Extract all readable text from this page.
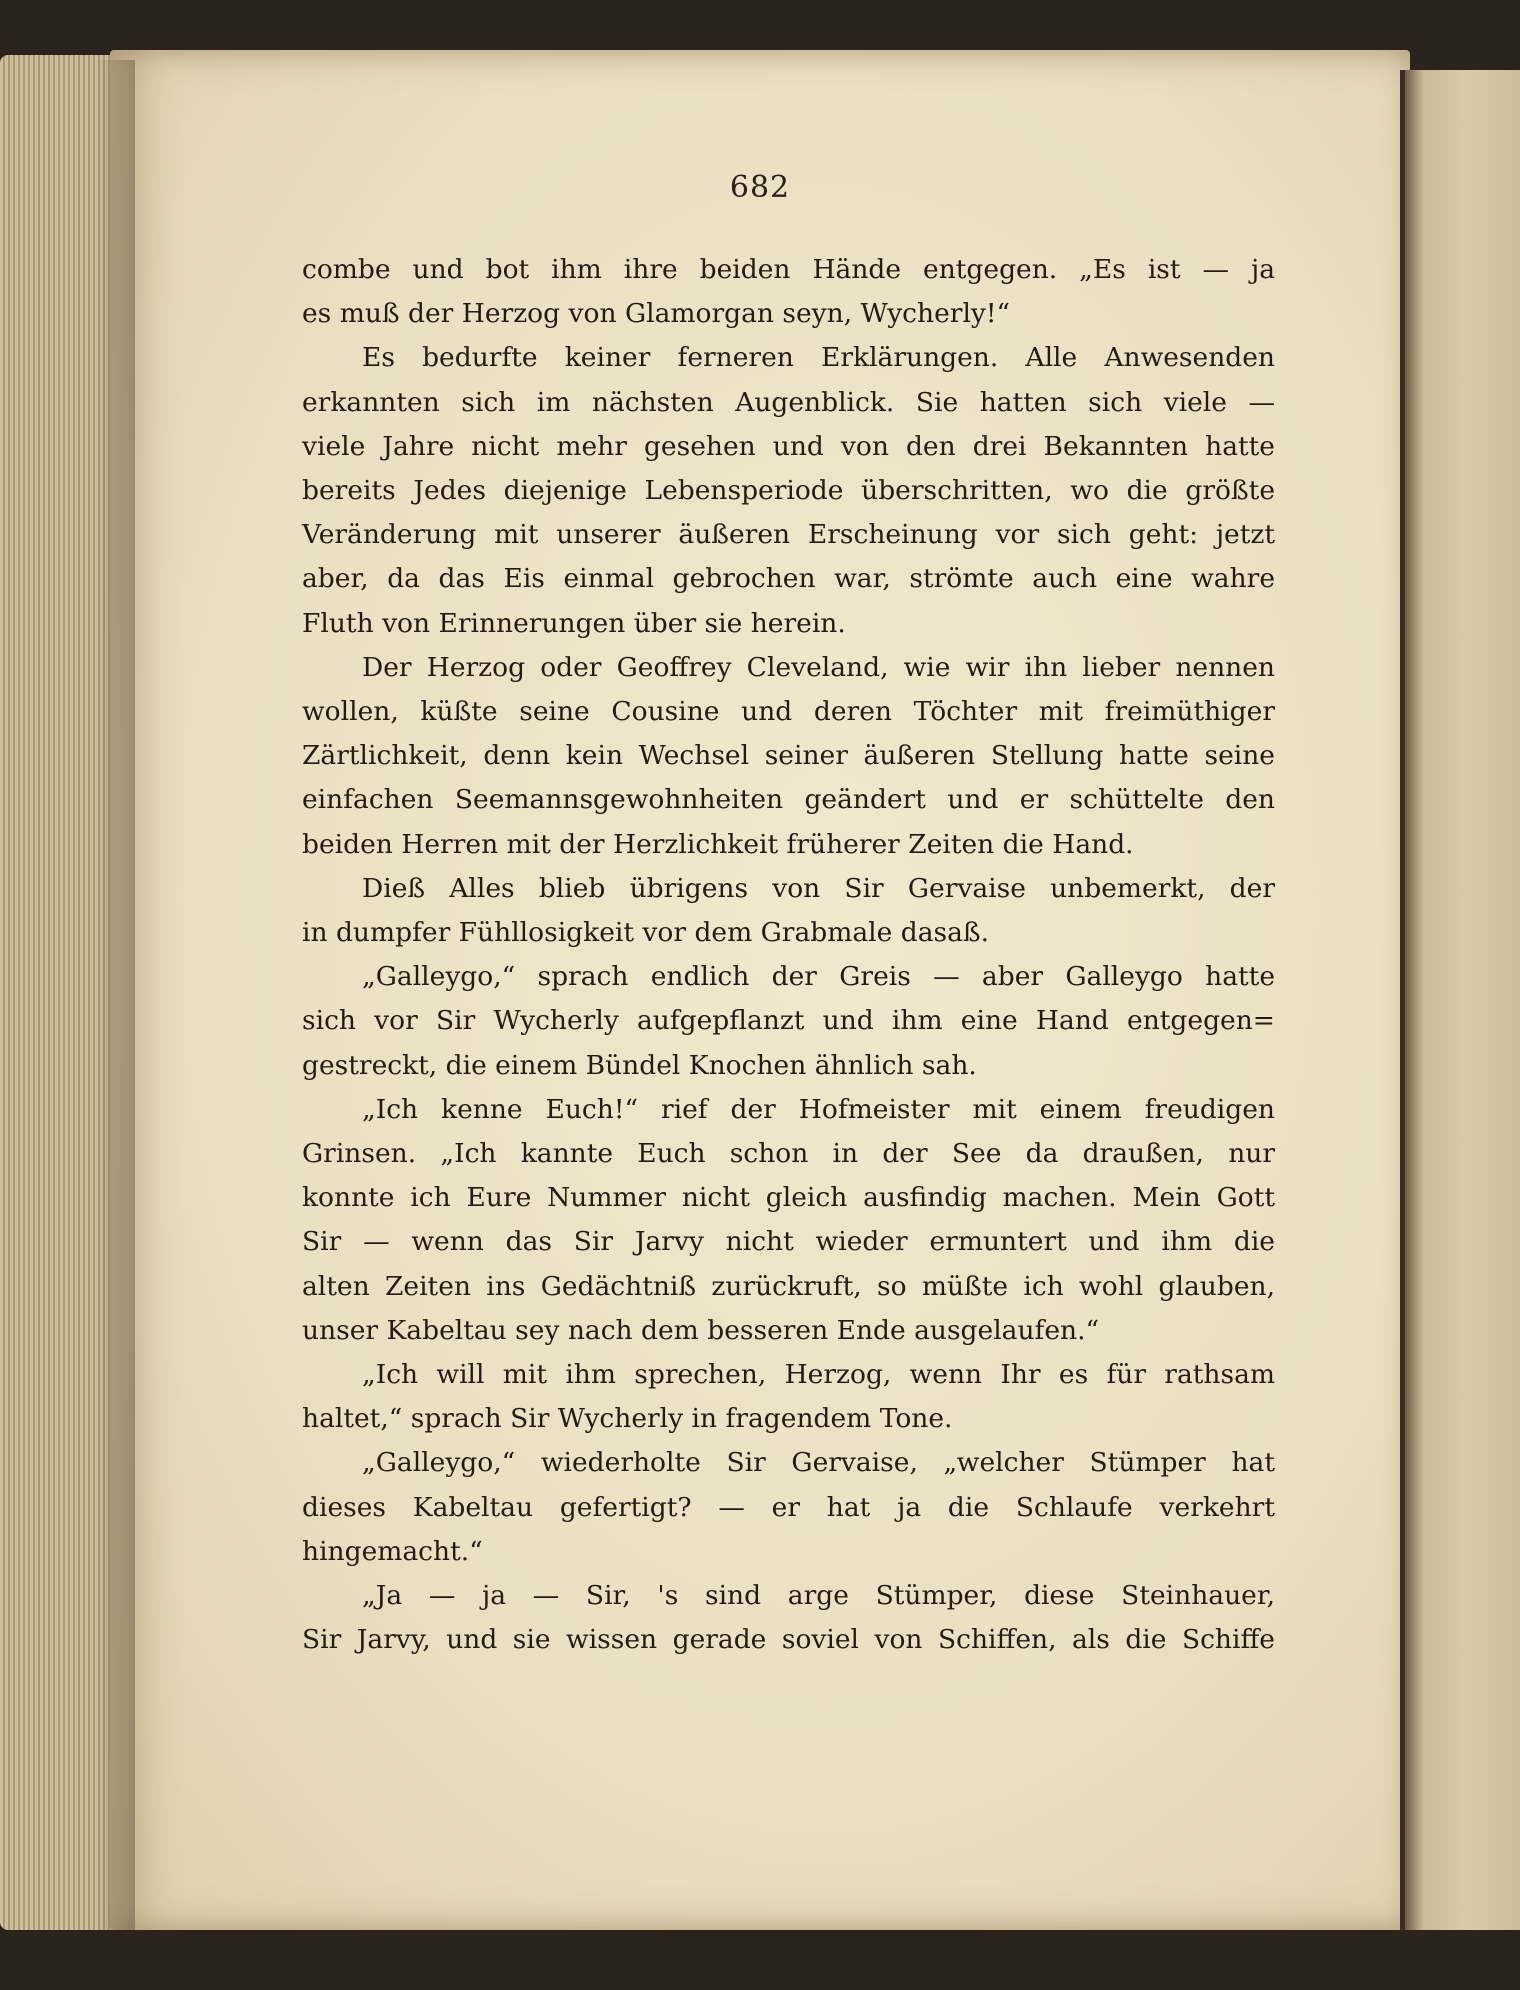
682
combe und bot ihm ihre beiden Hände entgegen. „Es ist — ja
es muß der Herzog von Glamorgan seyn, Wycherly!“
Es bedurfte keiner ferneren Erklärungen. Alle Anwesenden
erkannten sich im nächsten Augenblick. Sie hatten sich viele —
viele Jahre nicht mehr gesehen und von den drei Bekannten hatte
bereits Jedes diejenige Lebensperiode überschritten, wo die größte
Veränderung mit unserer äußeren Erscheinung vor sich geht: jetzt
aber, da das Eis einmal gebrochen war, strömte auch eine wahre
Fluth von Erinnerungen über sie herein.
Der Herzog oder Geoffrey Cleveland, wie wir ihn lieber nennen
wollen, küßte seine Cousine und deren Töchter mit freimüthiger
Zärtlichkeit, denn kein Wechsel seiner äußeren Stellung hatte seine
einfachen Seemannsgewohnheiten geändert und er schüttelte den
beiden Herren mit der Herzlichkeit früherer Zeiten die Hand.
Dieß Alles blieb übrigens von Sir Gervaise unbemerkt, der
in dumpfer Fühllosigkeit vor dem Grabmale dasaß.
„Galleygo,“ sprach endlich der Greis — aber Galleygo hatte
sich vor Sir Wycherly aufgepflanzt und ihm eine Hand entgegen=
gestreckt, die einem Bündel Knochen ähnlich sah.
„Ich kenne Euch!“ rief der Hofmeister mit einem freudigen
Grinsen. „Ich kannte Euch schon in der See da draußen, nur
konnte ich Eure Nummer nicht gleich ausfindig machen. Mein Gott
Sir — wenn das Sir Jarvy nicht wieder ermuntert und ihm die
alten Zeiten ins Gedächtniß zurückruft, so müßte ich wohl glauben,
unser Kabeltau sey nach dem besseren Ende ausgelaufen.“
„Ich will mit ihm sprechen, Herzog, wenn Ihr es für rathsam
haltet,“ sprach Sir Wycherly in fragendem Tone.
„Galleygo,“ wiederholte Sir Gervaise, „welcher Stümper hat
dieses Kabeltau gefertigt? — er hat ja die Schlaufe verkehrt
hingemacht.“
„Ja — ja — Sir, 's sind arge Stümper, diese Steinhauer,
Sir Jarvy, und sie wissen gerade soviel von Schiffen, als die Schiffe
